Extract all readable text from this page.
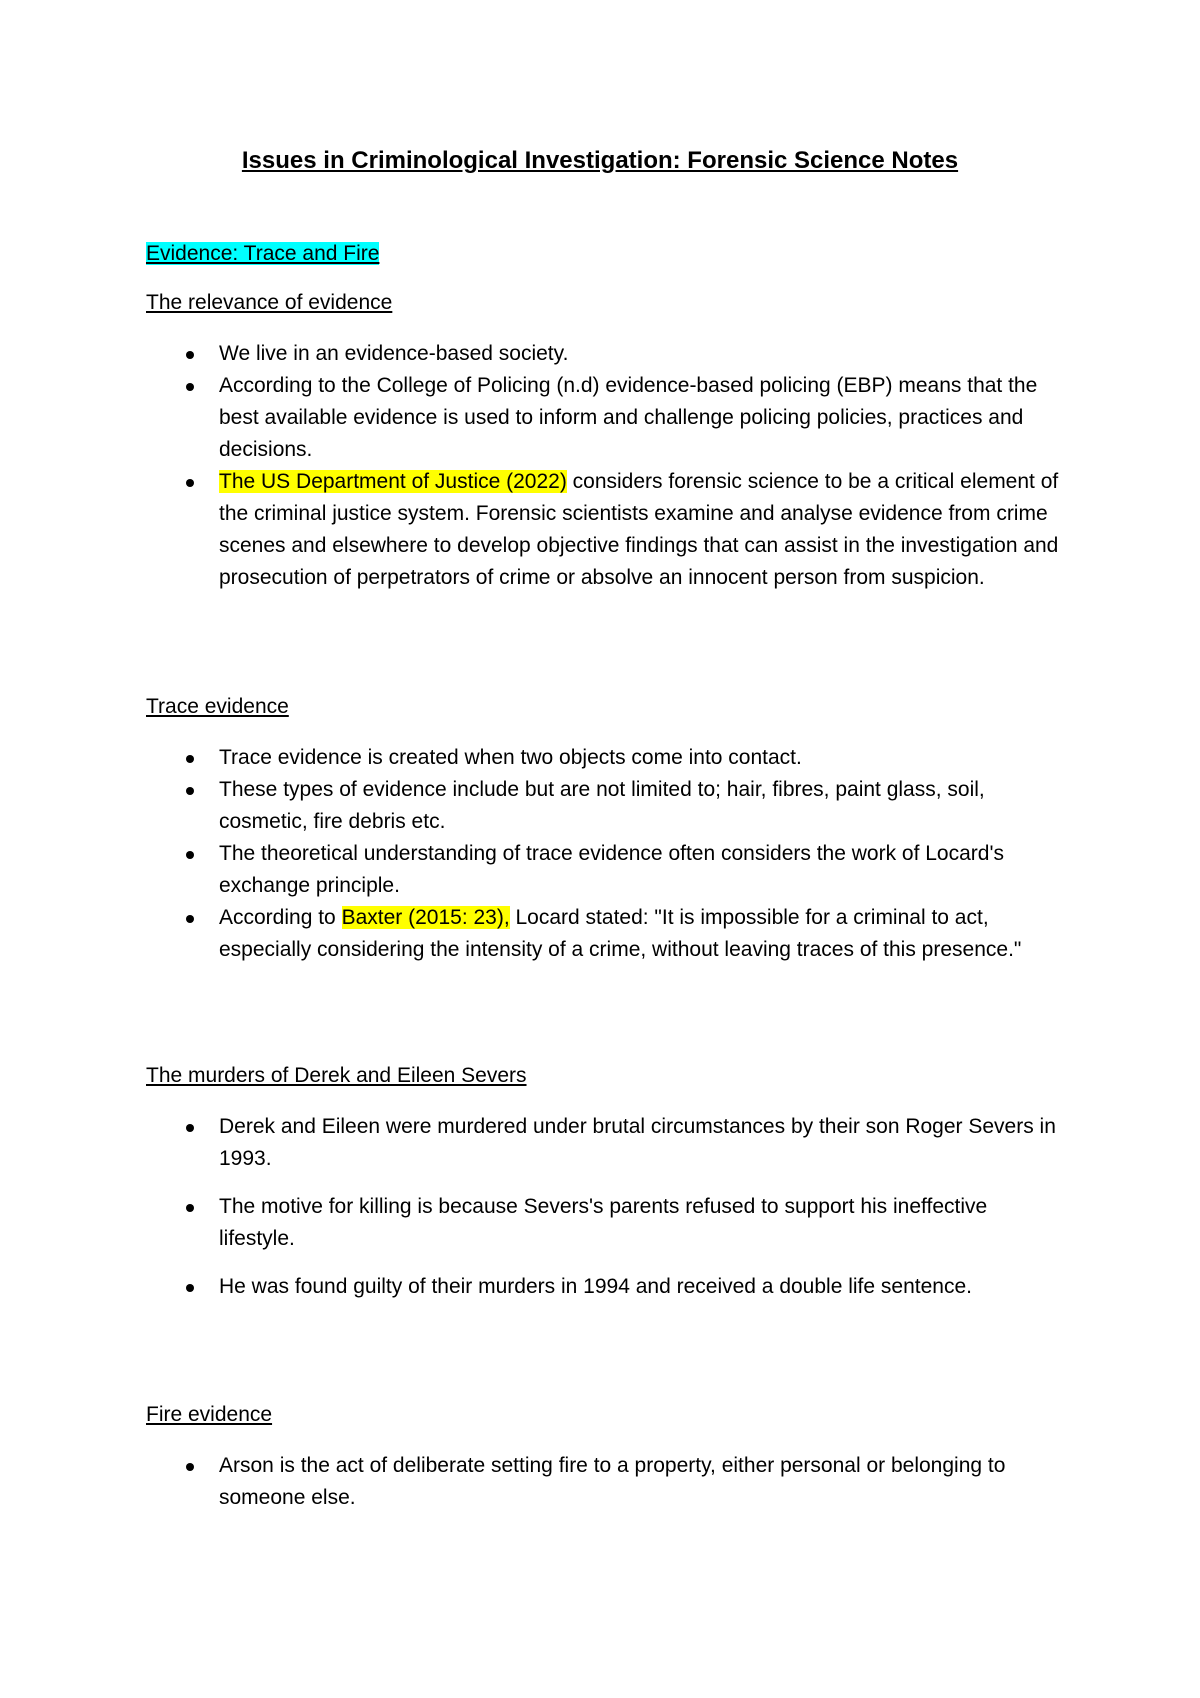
Issues in Criminological Investigation: Forensic Science Notes

Evidence: Trace and Fire

The relevance of evidence

We live in an evidence-based society.
According to the College of Policing (n.d) evidence-based policing (EBP) means that the best available evidence is used to inform and challenge policing policies, practices and decisions.
The US Department of Justice (2022) considers forensic science to be a critical element of the criminal justice system. Forensic scientists examine and analyse evidence from crime scenes and elsewhere to develop objective findings that can assist in the investigation and prosecution of perpetrators of crime or absolve an innocent person from suspicion.

Trace evidence

Trace evidence is created when two objects come into contact.
These types of evidence include but are not limited to; hair, fibres, paint glass, soil, cosmetic, fire debris etc.
The theoretical understanding of trace evidence often considers the work of Locard's exchange principle.
According to Baxter (2015: 23), Locard stated: "It is impossible for a criminal to act, especially considering the intensity of a crime, without leaving traces of this presence."

The murders of Derek and Eileen Severs

Derek and Eileen were murdered under brutal circumstances by their son Roger Severs in 1993.
The motive for killing is because Severs's parents refused to support his ineffective lifestyle.
He was found guilty of their murders in 1994 and received a double life sentence.

Fire evidence

Arson is the act of deliberate setting fire to a property, either personal or belonging to someone else.
